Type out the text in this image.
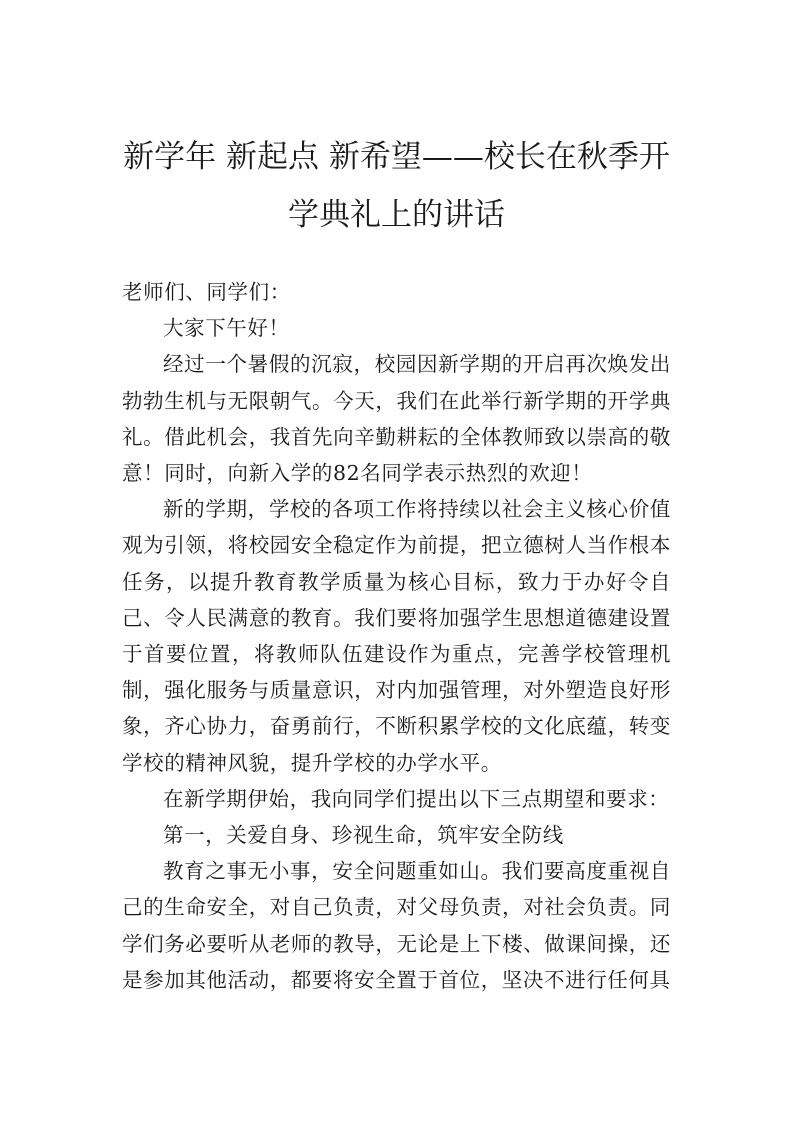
新学年 新起点 新希望——校长在秋季开
学典礼上的讲话

老师们、同学们：

大家下午好！

经过一个暑假的沉寂，校园因新学期的开启再次焕发出勃勃生机与无限朝气。今天，我们在此举行新学期的开学典礼。借此机会，我首先向辛勤耕耘的全体教师致以崇高的敬意！同时，向新入学的82名同学表示热烈的欢迎！

新的学期，学校的各项工作将持续以社会主义核心价值观为引领，将校园安全稳定作为前提，把立德树人当作根本任务，以提升教育教学质量为核心目标，致力于办好令自己、令人民满意的教育。我们要将加强学生思想道德建设置于首要位置，将教师队伍建设作为重点，完善学校管理机制，强化服务与质量意识，对内加强管理，对外塑造良好形象，齐心协力，奋勇前行，不断积累学校的文化底蕴，转变学校的精神风貌，提升学校的办学水平。

在新学期伊始，我向同学们提出以下三点期望和要求：

第一，关爱自身、珍视生命，筑牢安全防线

教育之事无小事，安全问题重如山。我们要高度重视自己的生命安全，对自己负责，对父母负责，对社会负责。同学们务必要听从老师的教导，无论是上下楼、做课间操，还是参加其他活动，都要将安全置于首位，坚决不进行任何具
